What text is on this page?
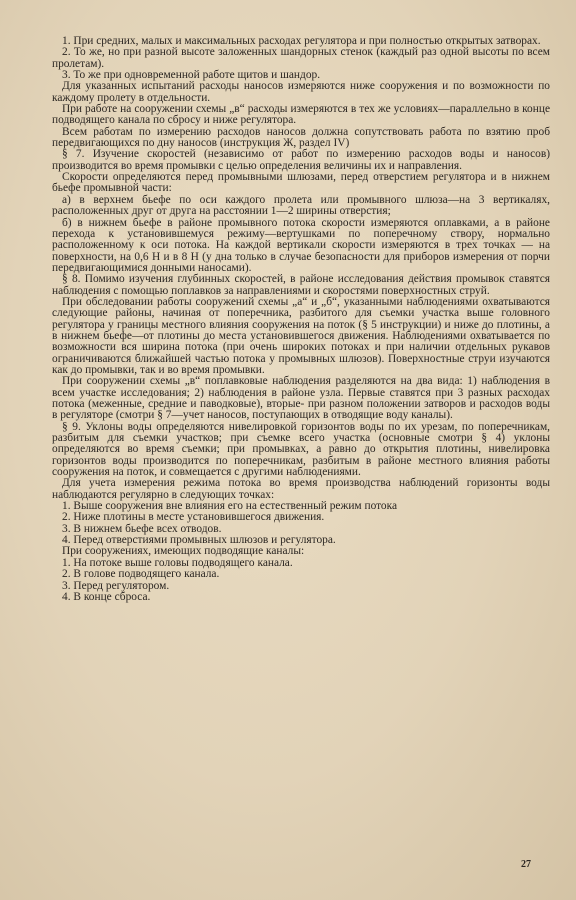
1. При средних, малых и максимальных расходах регулятора и при полностью открытых затворах.

2. То же, но при разной высоте заложенных шандорных стенок (каждый раз одной высоты по всем пролетам).

3. То же при одновременной работе щитов и шандор.

Для указанных испытаний расходы наносов измеряются ниже сооружения и по возможности по каждому пролету в отдельности.

При работе на сооружении схемы „в“ расходы измеряются в тех же условиях—параллельно в конце подводящего канала по сбросу и ниже регулятора.

Всем работам по измерению расходов наносов должна сопутствовать работа по взятию проб передвигающихся по дну наносов (инструкция Ж, раздел IV)

§ 7. Изучение скоростей (независимо от работ по измерению расходов воды и наносов) производится во время промывки с целью определения величины их и направления.

Скорости определяются перед промывными шлюзами, перед отверстием регулятора и в нижнем бьефе промывной части:

а) в верхнем бьефе по оси каждого пролета или промывного шлюза—на 3 вертикалях, расположенных друг от друга на расстоянии 1—2 ширины отверстия;

б) в нижнем бьефе в районе промывного потока скорости измеряются оплавками, а в районе перехода к установившемуся режиму—вертушками по поперечному створу, нормально расположенному к оси потока. На каждой вертикали скорости измеряются в трех точках — на поверхности, на 0,6 Н и в 8 Н (у дна только в случае безопасности для приборов измерения от порчи передвигающимися донными наносами).

§ 8. Помимо изучения глубинных скоростей, в районе исследования действия промывок ставятся наблюдения с помощью поплавков за направлениями и скоростями поверхностных струй.

При обследовании работы сооружений схемы „а“ и „б“, указанными наблюдениями охватываются следующие районы, начиная от поперечника, разбитого для съемки участка выше головного регулятора у границы местного влияния сооружения на поток (§ 5 инструкции) и ниже до плотины, а в нижнем бьефе—от плотины до места установившегося движения. Наблюдениями охватывается по возможности вся ширина потока (при очень широких потоках и при наличии отдельных рукавов ограничиваются ближайшей частью потока у промывных шлюзов). Поверхностные струи изучаются как до промывки, так и во время промывки.

При сооружении схемы „в“ поплавковые наблюдения разделяются на два вида: 1) наблюдения в всем участке исследования; 2) наблюдения в районе узла. Первые ставятся при 3 разных расходах потока (меженные, средние и паводковые), вторые- при разном положении затворов и расходов воды в регуляторе (смотри § 7—учет наносов, поступающих в отводящие воду каналы).

§ 9. Уклоны воды определяются нивелировкой горизонтов воды по их урезам, по поперечникам, разбитым для съемки участков; при съемке всего участка (основные смотри § 4) уклоны определяются во время съемки; при промывках, а равно до открытия плотины, нивелировка горизонтов воды производится по поперечникам, разбитым в районе местного влияния работы сооружения на поток, и совмещается с другими наблюдениями.

Для учета измерения режима потока во время производства наблюдений горизонты воды наблюдаются регулярно в следующих точках:

1. Выше сооружения вне влияния его на естественный режим потока

2. Ниже плотины в месте установившегося движения.

3. В нижнем бьефе всех отводов.

4. Перед отверстиями промывных шлюзов и регулятора.

При сооружениях, имеющих подводящие каналы:

1. На потоке выше головы подводящего канала.

2. В голове подводящего канала.

3. Перед регулятором.

4. В конце сброса.

27
